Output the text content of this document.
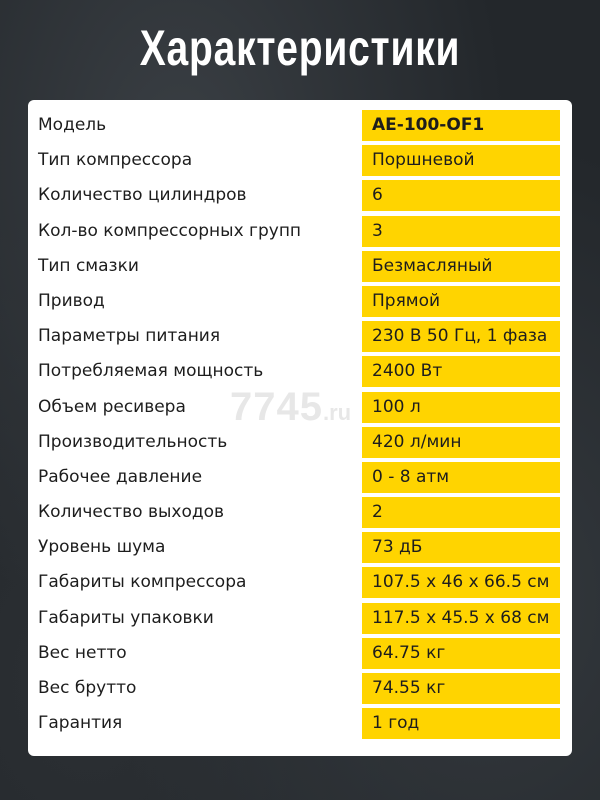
Характеристики
Модель	AE-100-OF1
Тип компрессора	Поршневой
Количество цилиндров	6
Кол-во компрессорных групп	3
Тип смазки	Безмасляный
Привод	Прямой
Параметры питания	230 В 50 Гц, 1 фаза
Потребляемая мощность	2400 Вт
Объем ресивера	100 л
Производительность	420 л/мин
Рабочее давление	0 - 8 атм
Количество выходов	2
Уровень шума	73 дБ
Габариты компрессора	107.5 x 46 x 66.5 см
Габариты упаковки	117.5 x 45.5 x 68 см
Вес нетто	64.75 кг
Вес брутто	74.55 кг
Гарантия	1 год
